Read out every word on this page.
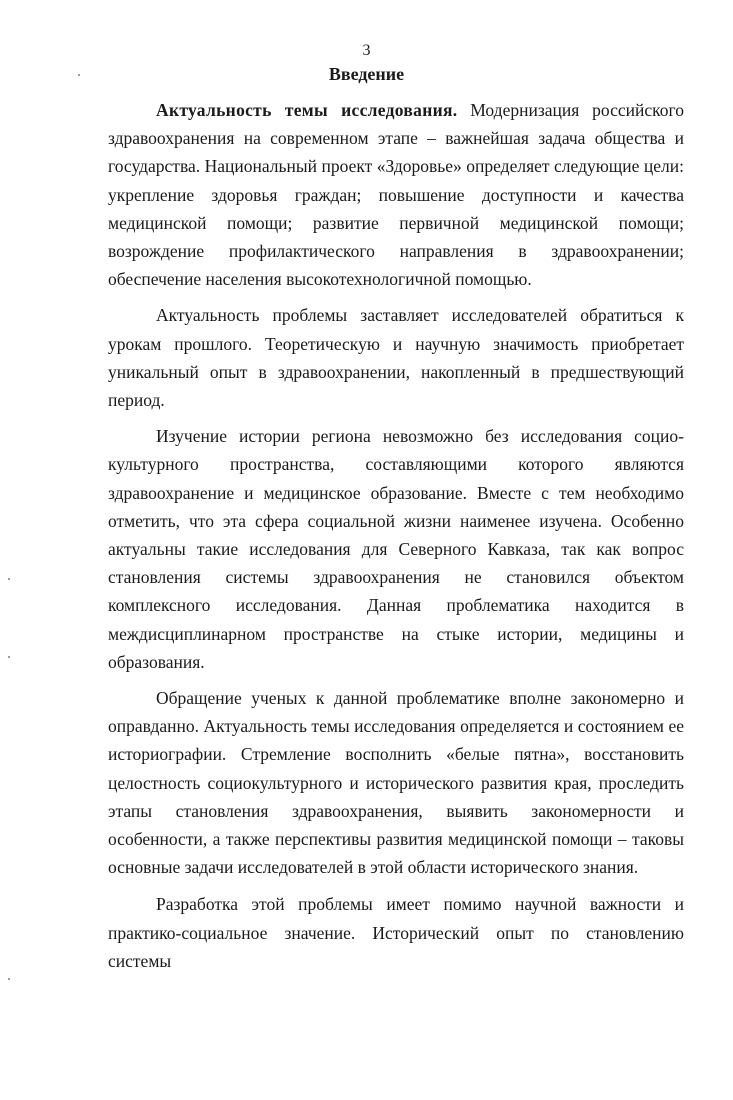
3
Введение

Актуальность темы исследования. Модернизация российского здравоохранения на современном этапе – важнейшая задача общества и государства. Национальный проект «Здоровье» определяет следующие цели: укрепление здоровья граждан; повышение доступности и качества медицинской помощи; развитие первичной медицинской помощи; возрождение профилактического направления в здравоохранении; обеспечение населения высокотехнологичной помощью.

Актуальность проблемы заставляет исследователей обратиться к урокам прошлого. Теоретическую и научную значимость приобретает уникальный опыт в здравоохранении, накопленный в предшествующий период.

Изучение истории региона невозможно без исследования социо-культурного пространства, составляющими которого являются здравоохранение и медицинское образование. Вместе с тем необходимо отметить, что эта сфера социальной жизни наименее изучена. Особенно актуальны такие исследования для Северного Кавказа, так как вопрос становления системы здравоохранения не становился объектом комплексного исследования. Данная проблематика находится в междисциплинарном пространстве на стыке истории, медицины и образования.

Обращение ученых к данной проблематике вполне закономерно и оправданно. Актуальность темы исследования определяется и состоянием ее историографии. Стремление восполнить «белые пятна», восстановить целостность социокультурного и исторического развития края, проследить этапы становления здравоохранения, выявить закономерности и особенности, а также перспективы развития медицинской помощи – таковы основные задачи исследователей в этой области исторического знания.

Разработка этой проблемы имеет помимо научной важности и практико-социальное значение. Исторический опыт по становлению системы
